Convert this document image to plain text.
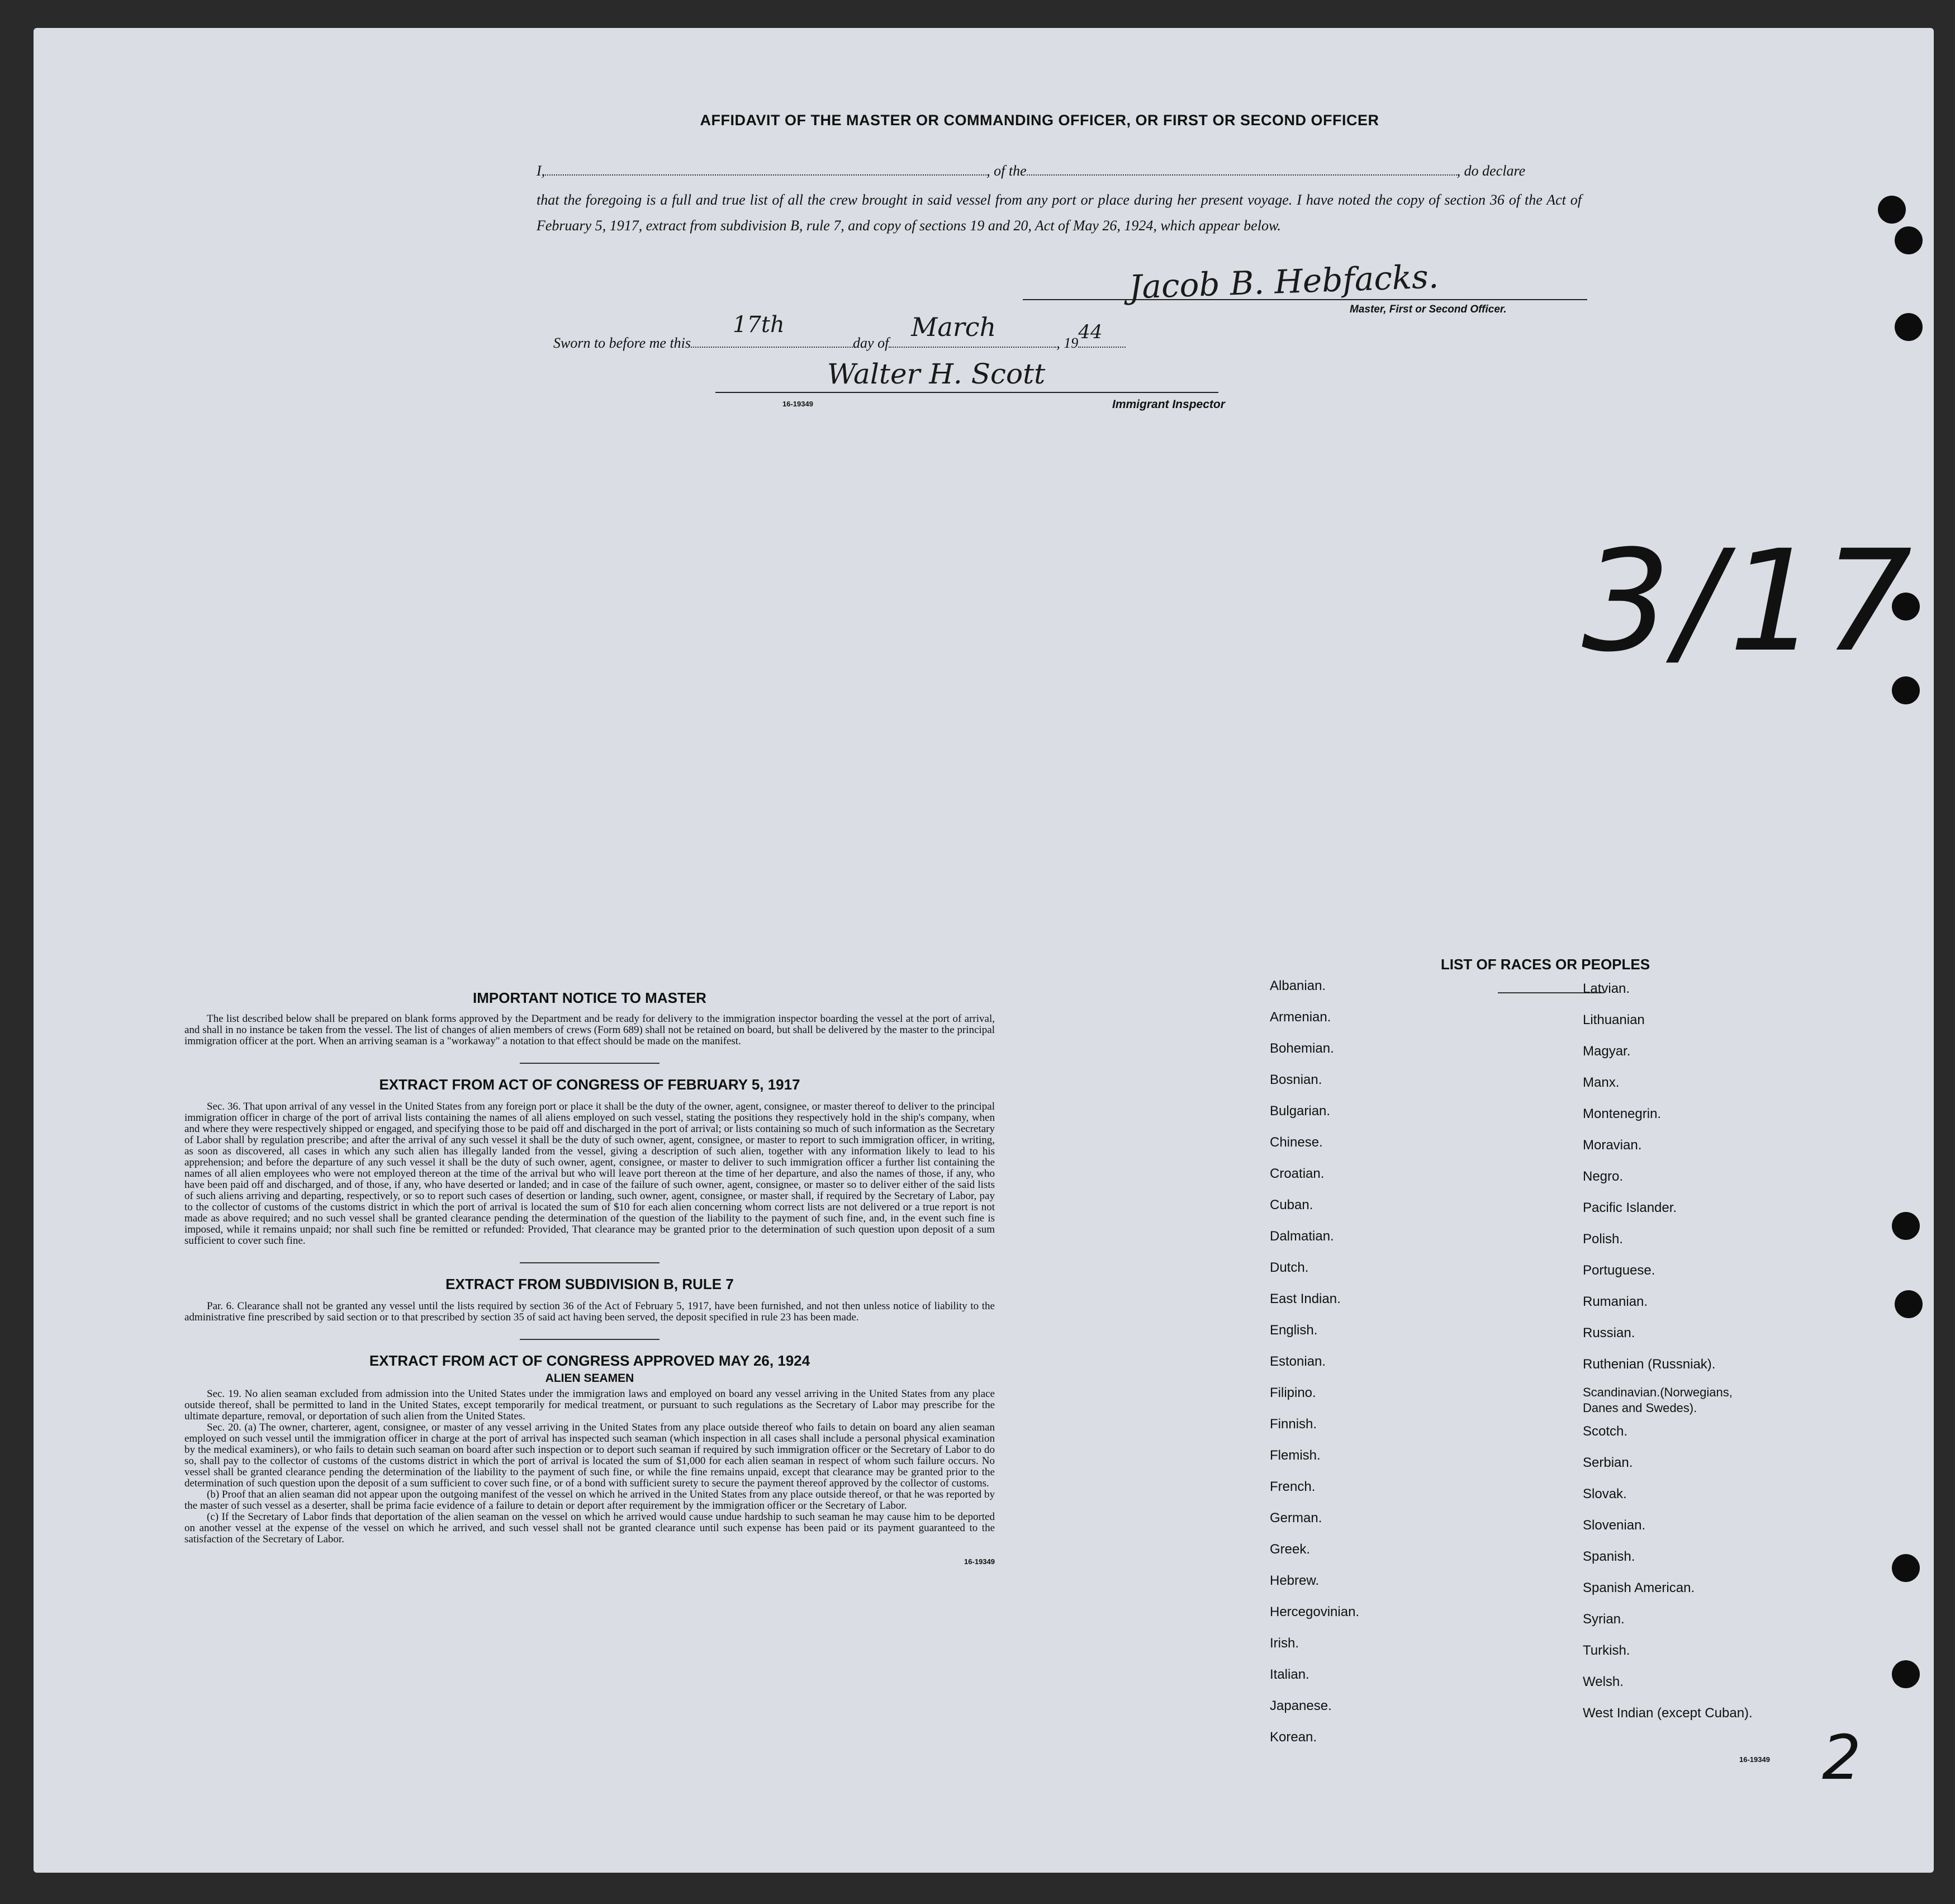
AFFIDAVIT OF THE MASTER OR COMMANDING OFFICER, OR FIRST OR SECOND OFFICER
I,	, of the	, do declare
that the foregoing is a full and true list of all the crew brought in said vessel from any port or place during her present voyage. I have noted the copy of section 36 of the Act of February 5, 1917, extract from subdivision B, rule 7, and copy of sections 19 and 20, Act of May 26, 1924, which appear below.
Jacob B. Hebfacks.
Master, First or Second Officer.
Sworn to before me this
17th
day of
March
, 19 44
Walter H. Scott
16-19349	Immigrant Inspector
3/17

IMPORTANT NOTICE TO MASTER

The list described below shall be prepared on blank forms approved by the Department and be ready for delivery to the immigration inspector boarding the vessel at the port of arrival, and shall in no instance be taken from the vessel. The list of changes of alien members of crews (Form 689) shall not be retained on board, but shall be delivered by the master to the principal immigration officer at the port. When an arriving seaman is a "workaway" a notation to that effect should be made on the manifest.

EXTRACT FROM ACT OF CONGRESS OF FEBRUARY 5, 1917

Sec. 36. That upon arrival of any vessel in the United States from any foreign port or place it shall be the duty of the owner, agent, consignee, or master thereof to deliver to the principal immigration officer in charge of the port of arrival lists containing the names of all aliens employed on such vessel, stating the positions they respectively hold in the ship's company, when and where they were respectively shipped or engaged, and specifying those to be paid off and discharged in the port of arrival; or lists containing so much of such information as the Secretary of Labor shall by regulation prescribe; and after the arrival of any such vessel it shall be the duty of such owner, agent, consignee, or master to report to such immigration officer, in writing, as soon as discovered, all cases in which any such alien has illegally landed from the vessel, giving a description of such alien, together with any information likely to lead to his apprehension; and before the departure of any such vessel it shall be the duty of such owner, agent, consignee, or master to deliver to such immigration officer a further list containing the names of all alien employees who were not employed thereon at the time of the arrival but who will leave port thereon at the time of her departure, and also the names of those, if any, who have been paid off and discharged, and of those, if any, who have deserted or landed; and in case of the failure of such owner, agent, consignee, or master so to deliver either of the said lists of such aliens arriving and departing, respectively, or so to report such cases of desertion or landing, such owner, agent, consignee, or master shall, if required by the Secretary of Labor, pay to the collector of customs of the customs district in which the port of arrival is located the sum of $10 for each alien concerning whom correct lists are not delivered or a true report is not made as above required; and no such vessel shall be granted clearance pending the determination of the question of the liability to the payment of such fine, and, in the event such fine is imposed, while it remains unpaid; nor shall such fine be remitted or refunded: Provided, That clearance may be granted prior to the determination of such question upon deposit of a sum sufficient to cover such fine.

EXTRACT FROM SUBDIVISION B, RULE 7

Par. 6. Clearance shall not be granted any vessel until the lists required by section 36 of the Act of February 5, 1917, have been furnished, and not then unless notice of liability to the administrative fine prescribed by said section or to that prescribed by section 35 of said act having been served, the deposit specified in rule 23 has been made.

EXTRACT FROM ACT OF CONGRESS APPROVED MAY 26, 1924

ALIEN SEAMEN

Sec. 19. No alien seaman excluded from admission into the United States under the immigration laws and employed on board any vessel arriving in the United States from any place outside thereof, shall be permitted to land in the United States, except temporarily for medical treatment, or pursuant to such regulations as the Secretary of Labor may prescribe for the ultimate departure, removal, or deportation of such alien from the United States.

Sec. 20. (a) The owner, charterer, agent, consignee, or master of any vessel arriving in the United States from any place outside thereof who fails to detain on board any alien seaman employed on such vessel until the immigration officer in charge at the port of arrival has inspected such seaman (which inspection in all cases shall include a personal physical examination by the medical examiners), or who fails to detain such seaman on board after such inspection or to deport such seaman if required by such immigration officer or the Secretary of Labor to do so, shall pay to the collector of customs of the customs district in which the port of arrival is located the sum of $1,000 for each alien seaman in respect of whom such failure occurs. No vessel shall be granted clearance pending the determination of the liability to the payment of such fine, or while the fine remains unpaid, except that clearance may be granted prior to the determination of such question upon the deposit of a sum sufficient to cover such fine, or of a bond with sufficient surety to secure the payment thereof approved by the collector of customs.

(b) Proof that an alien seaman did not appear upon the outgoing manifest of the vessel on which he arrived in the United States from any place outside thereof, or that he was reported by the master of such vessel as a deserter, shall be prima facie evidence of a failure to detain or deport after requirement by the immigration officer or the Secretary of Labor.

(c) If the Secretary of Labor finds that deportation of the alien seaman on the vessel on which he arrived would cause undue hardship to such seaman he may cause him to be deported on another vessel at the expense of the vessel on which he arrived, and such vessel shall not be granted clearance until such expense has been paid or its payment guaranteed to the satisfaction of the Secretary of Labor.

16-19349
LIST OF RACES OR PEOPLES
16-19349 2
Albanian.
Armenian.
Bohemian.
Bosnian.
Bulgarian.
Chinese.
Croatian.
Cuban.
Dalmatian.
Dutch.
East Indian.
English.
Estonian.
Filipino.
Finnish.
Flemish.
French.
German.
Greek.
Hebrew.
Hercegovinian.
Irish.
Italian.
Japanese.
Korean.
Latvian.
Lithuanian
Magyar.
Manx.
Montenegrin.
Moravian.
Negro.
Pacific Islander.
Polish.
Portuguese.
Rumanian.
Russian.
Ruthenian (Russniak).
Scandinavian.(Norwegians,
Danes and Swedes).
Scotch.
Serbian.
Slovak.
Slovenian.
Spanish.
Spanish American.
Syrian.
Turkish.
Welsh.
West Indian (except Cuban).
